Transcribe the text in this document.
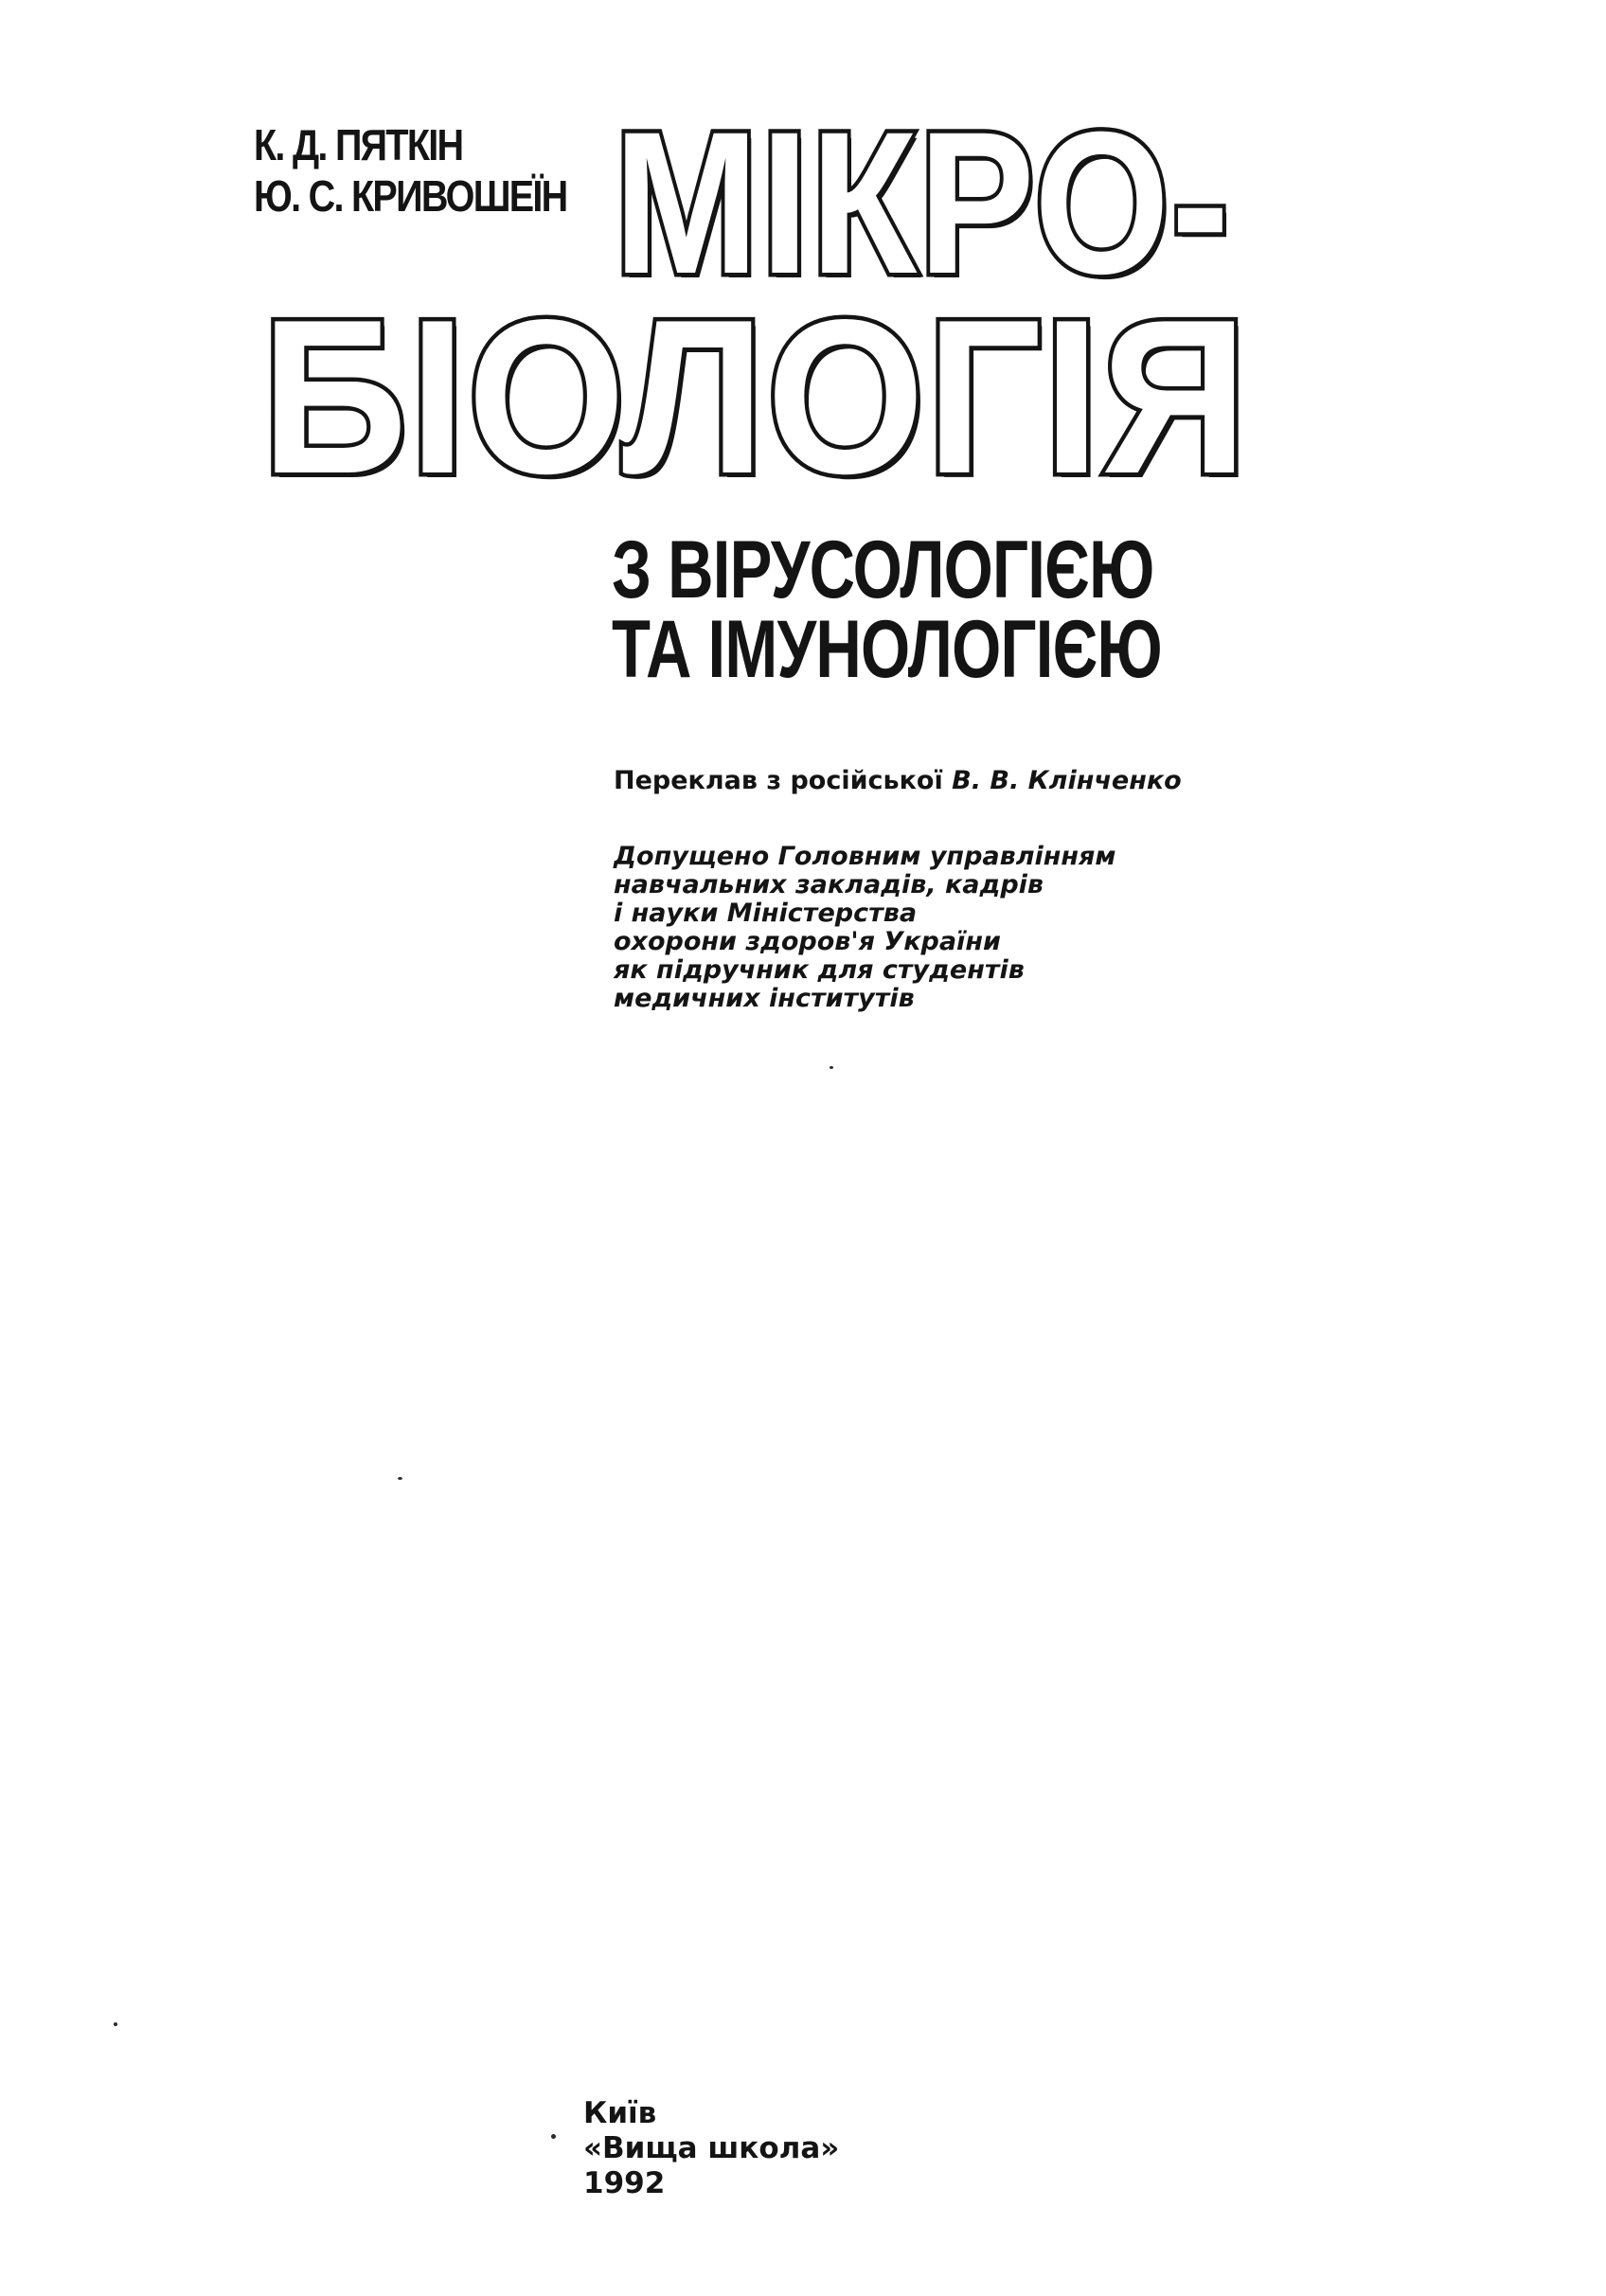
К. Д. ПЯТКІН
Ю. С. КРИВОШЕЇН МІКРО-
БІОЛОГІЯ
З ВІРУСОЛОГІЄЮ
ТА ІМУНОЛОГІЄЮ
Переклав з російської В. В. Клінченко
Допущено Головним управлінням
навчальних закладів, кадрів
і науки Міністерства
охорони здоров'я України
як підручник для студентів
медичних інститутів
Київ
«Вища школа»
1992
